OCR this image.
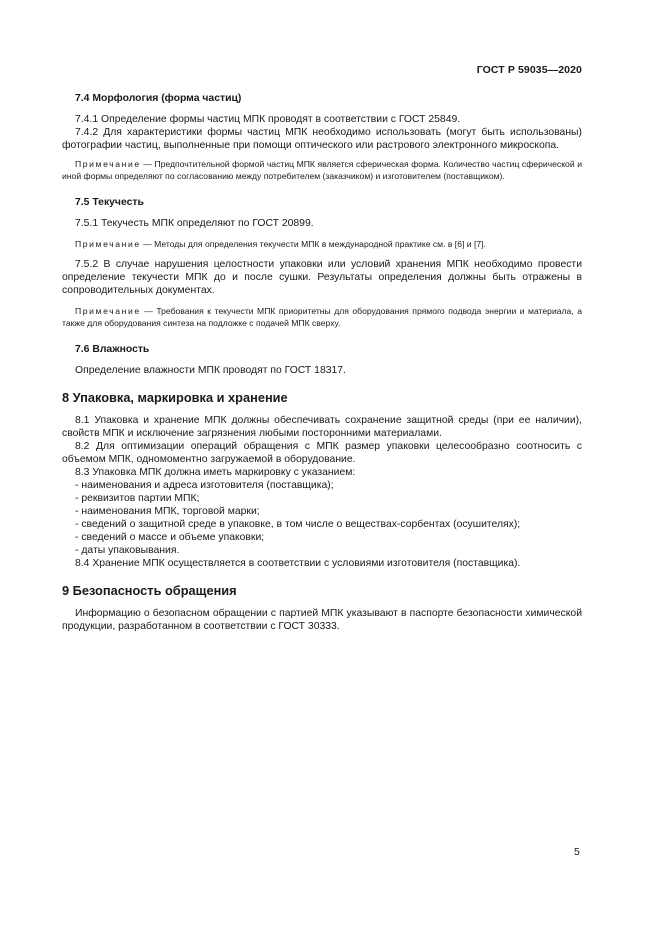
ГОСТ Р 59035—2020
7.4 Морфология (форма частиц)
7.4.1 Определение формы частиц МПК проводят в соответствии с ГОСТ 25849.
7.4.2 Для характеристики формы частиц МПК необходимо использовать (могут быть использованы) фотографии частиц, выполненные при помощи оптического или растрового электронного микроскопа.
Примечание — Предпочтительной формой частиц МПК является сферическая форма. Количество частиц сферической и иной формы определяют по согласованию между потребителем (заказчиком) и изготовителем (поставщиком).
7.5 Текучесть
7.5.1 Текучесть МПК определяют по ГОСТ 20899.
Примечание — Методы для определения текучести МПК в международной практике см. в [6] и [7].
7.5.2 В случае нарушения целостности упаковки или условий хранения МПК необходимо провести определение текучести МПК до и после сушки. Результаты определения должны быть отражены в сопроводительных документах.
Примечание — Требования к текучести МПК приоритетны для оборудования прямого подвода энергии и материала, а также для оборудования синтеза на подложке с подачей МПК сверху.
7.6 Влажность
Определение влажности МПК проводят по ГОСТ 18317.
8 Упаковка, маркировка и хранение
8.1 Упаковка и хранение МПК должны обеспечивать сохранение защитной среды (при ее наличии), свойств МПК и исключение загрязнения любыми посторонними материалами.
8.2 Для оптимизации операций обращения с МПК размер упаковки целесообразно соотносить с объемом МПК, одномоментно загружаемой в оборудование.
8.3 Упаковка МПК должна иметь маркировку с указанием:
- наименования и адреса изготовителя (поставщика);
- реквизитов партии МПК;
- наименования МПК, торговой марки;
- сведений о защитной среде в упаковке, в том числе о веществах-сорбентах (осушителях);
- сведений о массе и объеме упаковки;
- даты упаковывания.
8.4 Хранение МПК осуществляется в соответствии с условиями изготовителя (поставщика).
9 Безопасность обращения
Информацию о безопасном обращении с партией МПК указывают в паспорте безопасности химической продукции, разработанном в соответствии с ГОСТ 30333.
5
